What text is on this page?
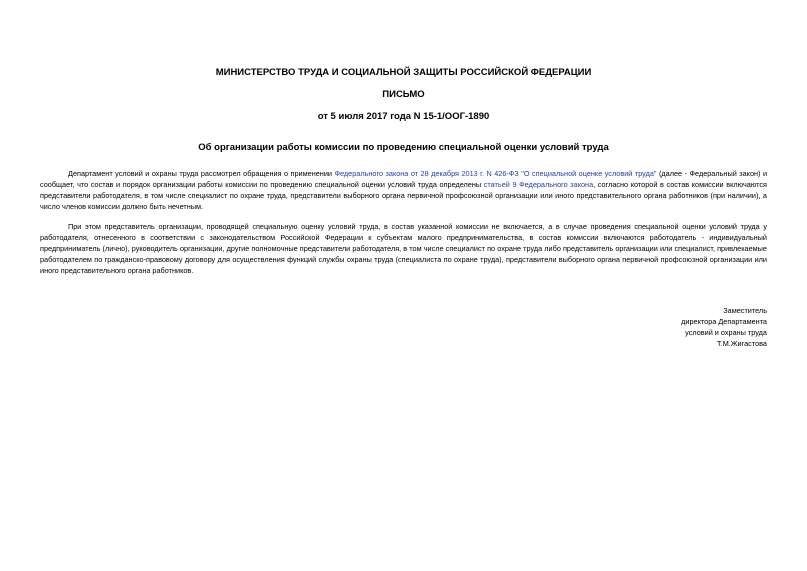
МИНИСТЕРСТВО ТРУДА И СОЦИАЛЬНОЙ ЗАЩИТЫ РОССИЙСКОЙ ФЕДЕРАЦИИ
ПИСЬМО
от 5 июля 2017 года N 15-1/ООГ-1890
Об организации работы комиссии по проведению специальной оценки условий труда

Департамент условий и охраны труда рассмотрел обращения о применении Федерального закона от 28 декабря 2013 г. N 426-ФЗ "О специальной оценке условий труда" (далее - Федеральный закон) и сообщает, что состав и порядок организации работы комиссии по проведению специальной оценки условий труда определены статьей 9 Федерального закона, согласно которой в состав комиссии включаются представители работодателя, в том числе специалист по охране труда, представители выборного органа первичной профсоюзной организации или иного представительного органа работников (при наличии), а число членов комиссии должно быть нечетным.

При этом представитель организации, проводящей специальную оценку условий труда, в состав указанной комиссии не включается, а в случае проведения специальной оценки условий труда у работодателя, отнесенного в соответствии с законодательством Российской Федерации к субъектам малого предпринимательства, в состав комиссии включаются работодатель - индивидуальный предприниматель (лично), руководитель организации, другие полномочные представители работодателя, в том числе специалист по охране труда либо представитель организации или специалист, привлекаемые работодателем по гражданско-правовому договору для осуществления функций службы охраны труда (специалиста по охране труда), представители выборного органа первичной профсоюзной организации или иного представительного органа работников.

Заместитель
директора Департамента
условий и охраны труда
Т.М.Жигастова
